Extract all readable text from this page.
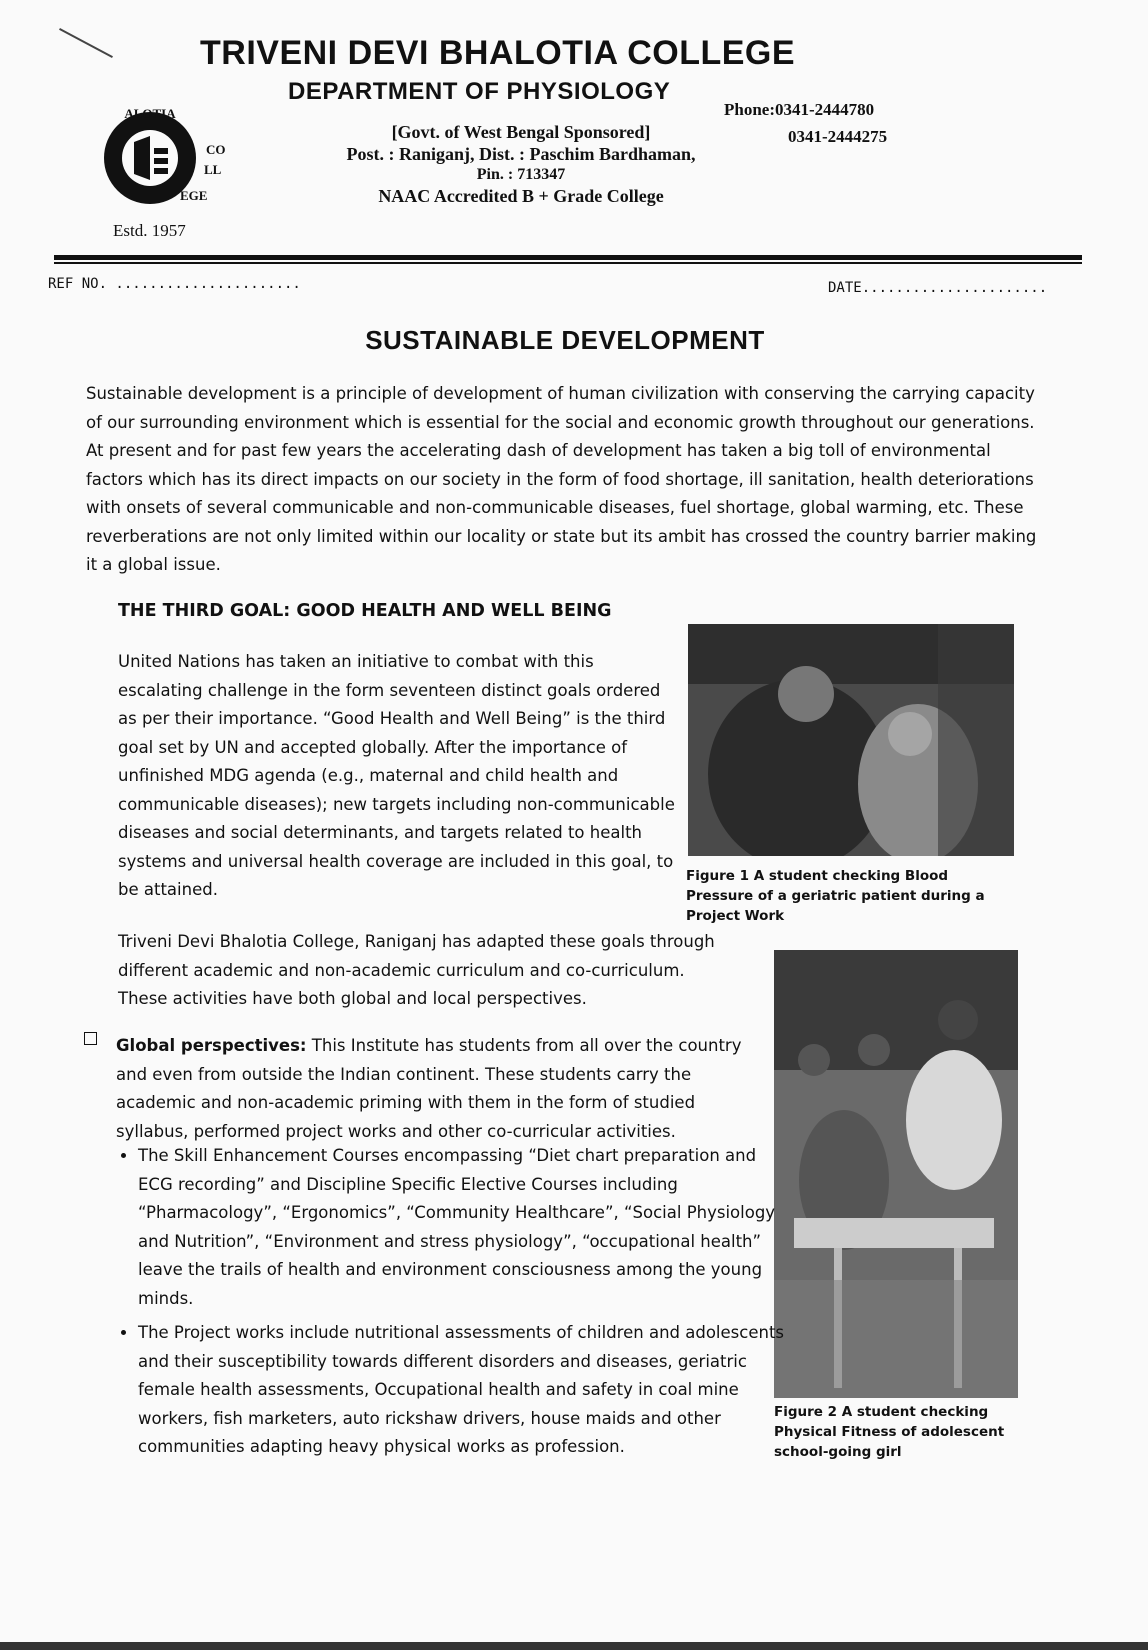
ALOTIA
CO
LL
EGE
TRIVENI DEVI BHALOTIA COLLEGE
DEPARTMENT OF PHYSIOLOGY
Phone:0341-2444780
0341-2444275
[Govt. of West Bengal Sponsored]
Post. : Raniganj, Dist. : Paschim Bardhaman,
Pin. : 713347
NAAC Accredited B + Grade College
Estd. 1957
REF NO. ......................	DATE......................
SUSTAINABLE DEVELOPMENT

Sustainable development is a principle of development of human civilization with conserving the carrying capacity of our surrounding environment which is essential for the social and economic growth throughout our generations. At present and for past few years the accelerating dash of development has taken a big toll of environmental factors which has its direct impacts on our society in the form of food shortage, ill sanitation, health deteriorations with onsets of several communicable and non-communicable diseases, fuel shortage, global warming, etc. These reverberations are not only limited within our locality or state but its ambit has crossed the country barrier making it a global issue.

THE THIRD GOAL: GOOD HEALTH AND WELL BEING

United Nations has taken an initiative to combat with this escalating challenge in the form seventeen distinct goals ordered as per their importance. “Good Health and Well Being” is the third goal set by UN and accepted globally. After the importance of unfinished MDG agenda (e.g., maternal and child health and communicable diseases); new targets including non-communicable diseases and social determinants, and targets related to health systems and universal health coverage are included in this goal, to be attained.

Figure 1 A student checking Blood Pressure of a geriatric patient during a Project Work

Triveni Devi Bhalotia College, Raniganj has adapted these goals through different academic and non-academic curriculum and co-curriculum. These activities have both global and local perspectives.

Figure 2 A student checking Physical Fitness of adolescent school-going girl

Global perspectives: This Institute has students from all over the country and even from outside the Indian continent. These students carry the academic and non-academic priming with them in the form of studied syllabus, performed project works and other co-curricular activities.

• The Skill Enhancement Courses encompassing “Diet chart preparation and ECG recording” and Discipline Specific Elective Courses including “Pharmacology”, “Ergonomics”, “Community Healthcare”, “Social Physiology and Nutrition”, “Environment and stress physiology”, “occupational health” leave the trails of health and environment consciousness among the young minds.
• The Project works include nutritional assessments of children and adolescents and their susceptibility towards different disorders and diseases, geriatric female health assessments, Occupational health and safety in coal mine workers, fish marketers, auto rickshaw drivers, house maids and other communities adapting heavy physical works as profession.
